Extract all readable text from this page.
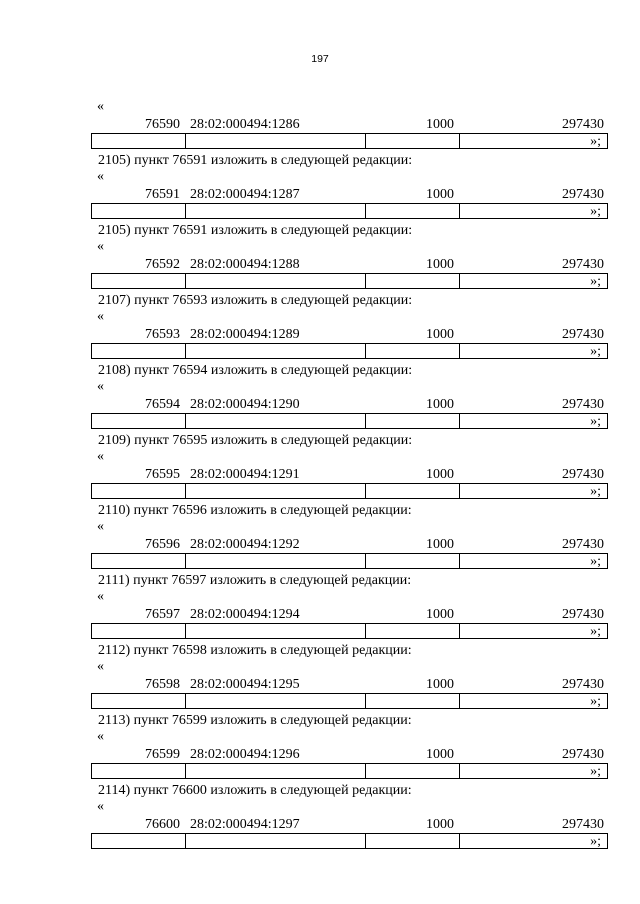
197
«
76590 28:02:000494:1286	1000	297430
»;
2105) пункт 76591 изложить в следующей редакции:
«
76591 28:02:000494:1287	1000	297430
»;
2105) пункт 76591 изложить в следующей редакции:
«
76592 28:02:000494:1288	1000	297430
»;
2107) пункт 76593 изложить в следующей редакции:
«
76593 28:02:000494:1289	1000	297430
»;
2108) пункт 76594 изложить в следующей редакции:
«
76594 28:02:000494:1290	1000	297430
»;
2109) пункт 76595 изложить в следующей редакции:
«
76595 28:02:000494:1291	1000	297430
»;
2110) пункт 76596 изложить в следующей редакции:
«
76596 28:02:000494:1292	1000	297430
»;
2111) пункт 76597 изложить в следующей редакции:
«
76597 28:02:000494:1294	1000	297430
»;
2112) пункт 76598 изложить в следующей редакции:
«
76598 28:02:000494:1295	1000	297430
»;
2113) пункт 76599 изложить в следующей редакции:
«
76599 28:02:000494:1296	1000	297430
»;
2114) пункт 76600 изложить в следующей редакции:
«
76600 28:02:000494:1297	1000	297430
»;
